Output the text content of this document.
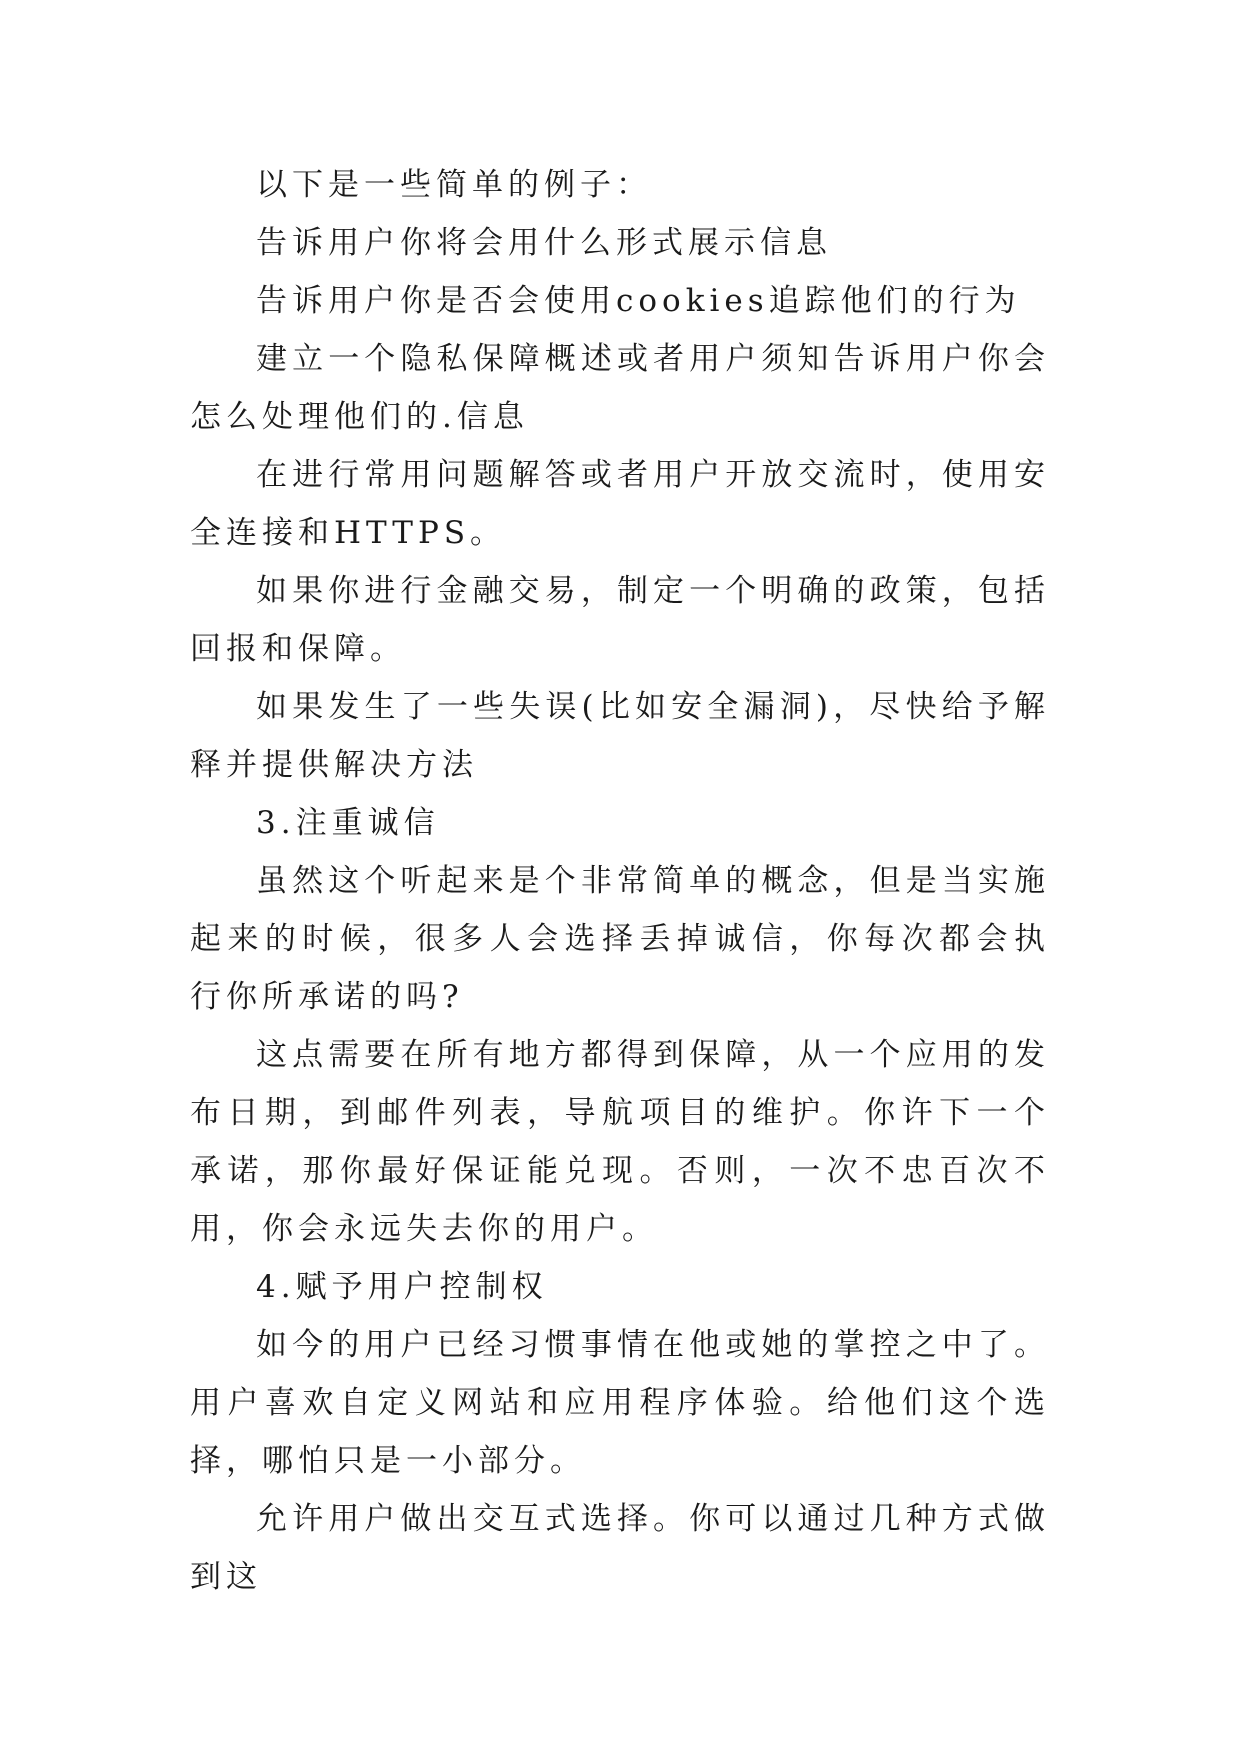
以下是一些简单的例子：

告诉用户你将会用什么形式展示信息

告诉用户你是否会使用cookies追踪他们的行为

建立一个隐私保障概述或者用户须知告诉用户你会怎么处理他们的.信息

在进行常用问题解答或者用户开放交流时，使用安全连接和HTTPS。

如果你进行金融交易，制定一个明确的政策，包括回报和保障。

如果发生了一些失误(比如安全漏洞)，尽快给予解释并提供解决方法

3.注重诚信

虽然这个听起来是个非常简单的概念，但是当实施起来的时候，很多人会选择丢掉诚信，你每次都会执行你所承诺的吗?

这点需要在所有地方都得到保障，从一个应用的发布日期，到邮件列表，导航项目的维护。你许下一个承诺，那你最好保证能兑现。否则，一次不忠百次不用，你会永远失去你的用户。

4.赋予用户控制权

如今的用户已经习惯事情在他或她的掌控之中了。用户喜欢自定义网站和应用程序体验。给他们这个选择，哪怕只是一小部分。

允许用户做出交互式选择。你可以通过几种方式做到这
